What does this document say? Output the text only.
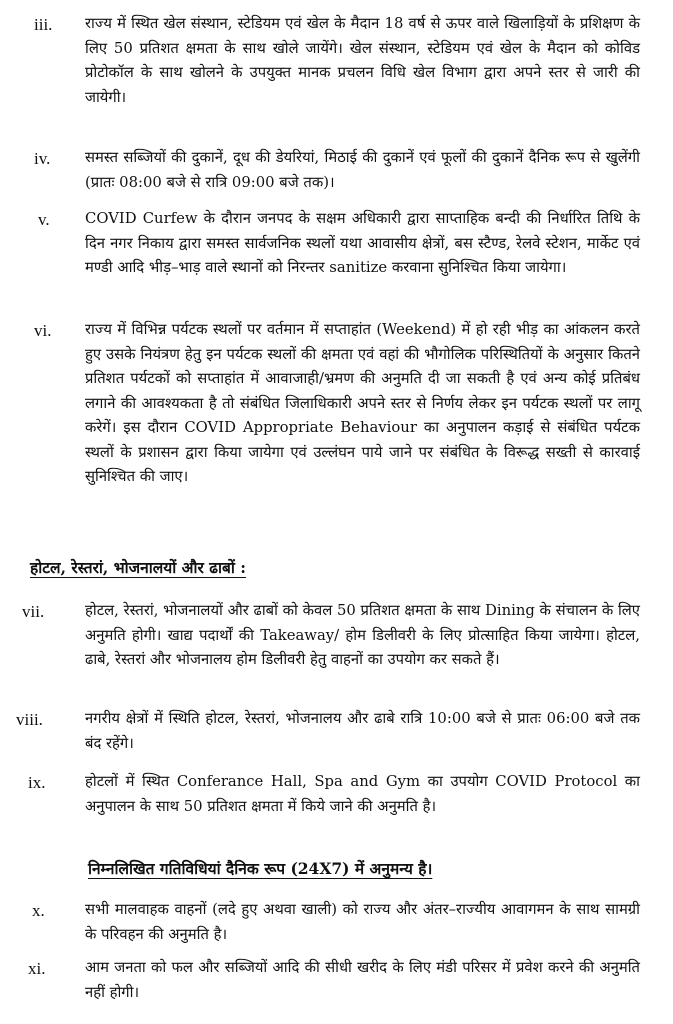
iii. राज्य में स्थित खेल संस्थान, स्टेडियम एवं खेल के मैदान 18 वर्ष से ऊपर वाले खिलाड़ियों के प्रशिक्षण के लिए 50 प्रतिशत क्षमता के साथ खोले जायेंगे। खेल संस्थान, स्टेडियम एवं खेल के मैदान को कोविड प्रोटोकॉल के साथ खोलने के उपयुक्त मानक प्रचलन विधि खेल विभाग द्वारा अपने स्तर से जारी की जायेगी।

iv. समस्त सब्जियों की दुकानें, दूध की डेयरियां, मिठाई की दुकानें एवं फूलों की दुकानें दैनिक रूप से खुलेंगी (प्रातः 08:00 बजे से रात्रि 09:00 बजे तक)।

v. COVID Curfew के दौरान जनपद के सक्षम अधिकारी द्वारा साप्ताहिक बन्दी की निर्धारित तिथि के दिन नगर निकाय द्वारा समस्त सार्वजनिक स्थलों यथा आवासीय क्षेत्रों, बस स्टैण्ड, रेलवे स्टेशन, मार्केट एवं मण्डी आदि भीड़–भाड़ वाले स्थानों को निरन्तर sanitize करवाना सुनिश्चित किया जायेगा।

vi. राज्य में विभिन्न पर्यटक स्थलों पर वर्तमान में सप्ताहांत (Weekend) में हो रही भीड़ का आंकलन करते हुए उसके नियंत्रण हेतु इन पर्यटक स्थलों की क्षमता एवं वहां की भौगोलिक परिस्थितियों के अनुसार कितने प्रतिशत पर्यटकों को सप्ताहांत में आवाजाही/भ्रमण की अनुमति दी जा सकती है एवं अन्य कोई प्रतिबंध लगाने की आवश्यकता है तो संबंधित जिलाधिकारी अपने स्तर से निर्णय लेकर इन पर्यटक स्थलों पर लागू करेगें। इस दौरान COVID Appropriate Behaviour का अनुपालन कड़ाई से संबंधित पर्यटक स्थलों के प्रशासन द्वारा किया जायेगा एवं उल्लंघन पाये जाने पर संबंधित के विरूद्ध सख्ती से कारवाई सुनिश्चित की जाए।

होटल, रेस्तरां, भोजनालयों और ढाबों :
vii.	होटल, रेस्तरां, भोजनालयों और ढाबों को केवल 50 प्रतिशत क्षमता के साथ Dining के संचालन के लिए अनुमति होगी। खाद्य पदार्थों की Takeaway/ होम डिलीवरी के लिए प्रोत्साहित किया जायेगा। होटल, ढाबे, रेस्तरां और भोजनालय होम डिलीवरी हेतु वाहनों का उपयोग कर सकते हैं।

viii.	नगरीय क्षेत्रों में स्थिति होटल, रेस्तरां, भोजनालय और ढाबे रात्रि 10:00 बजे से प्रातः 06:00 बजे तक बंद रहेंगे।

ix.	होटलों में स्थित Conferance Hall, Spa and Gym का उपयोग COVID Protocol का अनुपालन के साथ 50 प्रतिशत क्षमता में किये जाने की अनुमति है।

निम्नलिखित गतिविधियां दैनिक रूप (24X7) में अनुमन्य है।
x.	सभी मालवाहक वाहनों (लदे हुए अथवा खाली) को राज्य और अंतर–राज्यीय आवागमन के साथ सामग्री के परिवहन की अनुमति है।

xi.	आम जनता को फल और सब्जियों आदि की सीधी खरीद के लिए मंडी परिसर में प्रवेश करने की अनुमति नहीं होगी।
